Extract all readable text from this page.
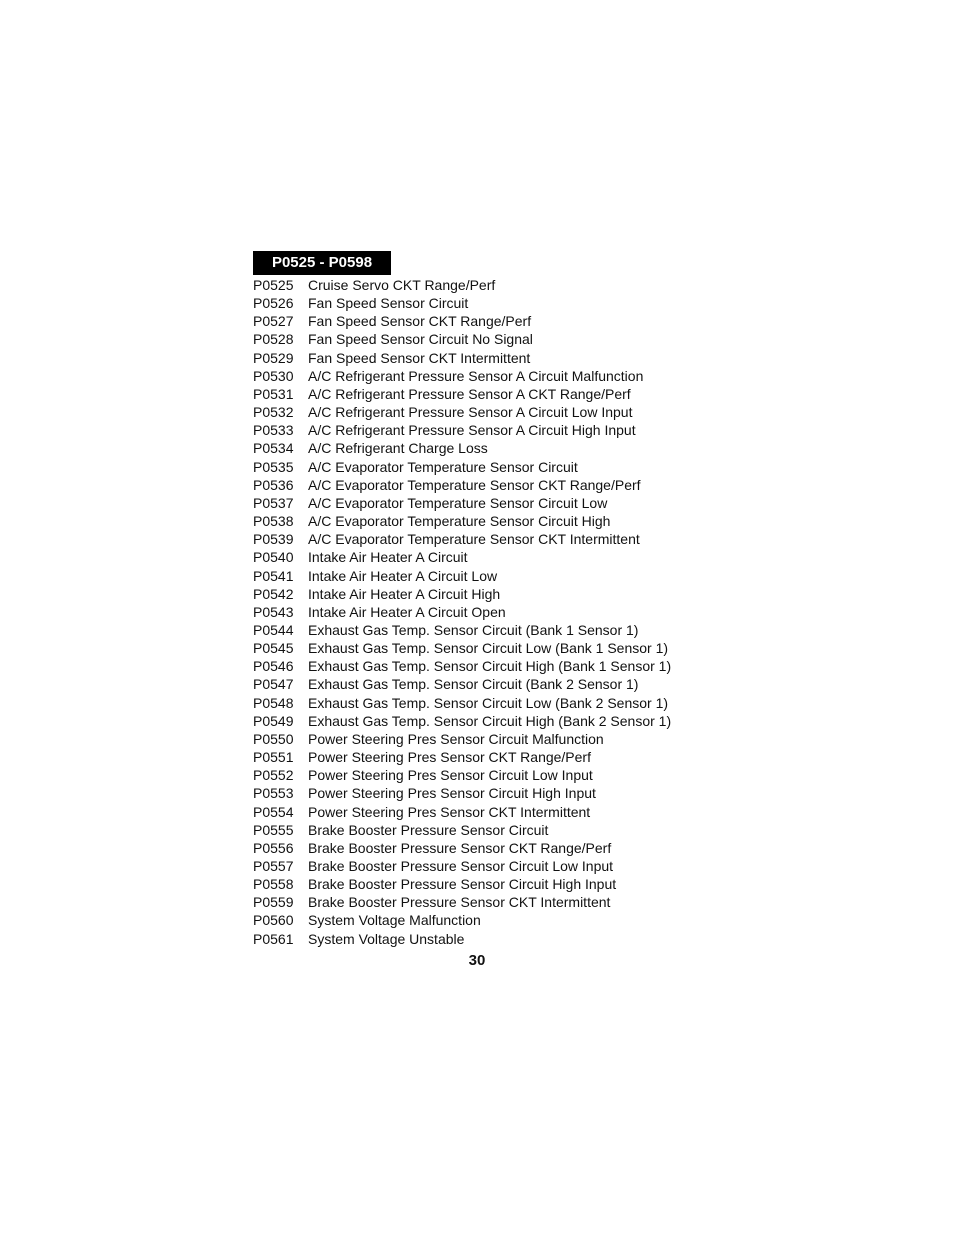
P0525 - P0598
P0525	Cruise Servo CKT Range/Perf
P0526	Fan Speed Sensor Circuit
P0527	Fan Speed Sensor CKT Range/Perf
P0528	Fan Speed Sensor Circuit No Signal
P0529	Fan Speed Sensor CKT Intermittent
P0530	A/C Refrigerant Pressure Sensor A Circuit Malfunction
P0531	A/C Refrigerant Pressure Sensor A CKT Range/Perf
P0532	A/C Refrigerant Pressure Sensor A Circuit Low Input
P0533	A/C Refrigerant Pressure Sensor A Circuit High Input
P0534	A/C Refrigerant Charge Loss
P0535	A/C Evaporator Temperature Sensor Circuit
P0536	A/C Evaporator Temperature Sensor CKT Range/Perf
P0537	A/C Evaporator Temperature Sensor Circuit Low
P0538	A/C Evaporator Temperature Sensor Circuit High
P0539	A/C Evaporator Temperature Sensor CKT Intermittent
P0540	Intake Air Heater A Circuit
P0541	Intake Air Heater A Circuit Low
P0542	Intake Air Heater A Circuit High
P0543	Intake Air Heater A Circuit Open
P0544	Exhaust Gas Temp. Sensor Circuit (Bank 1 Sensor 1)
P0545	Exhaust Gas Temp. Sensor Circuit Low (Bank 1 Sensor 1)
P0546	Exhaust Gas Temp. Sensor Circuit High (Bank 1 Sensor 1)
P0547	Exhaust Gas Temp. Sensor Circuit (Bank 2 Sensor 1)
P0548	Exhaust Gas Temp. Sensor Circuit Low (Bank 2 Sensor 1)
P0549	Exhaust Gas Temp. Sensor Circuit High (Bank 2 Sensor 1)
P0550	Power Steering Pres Sensor Circuit Malfunction
P0551	Power Steering Pres Sensor CKT Range/Perf
P0552	Power Steering Pres Sensor Circuit Low Input
P0553	Power Steering Pres Sensor Circuit High Input
P0554	Power Steering Pres Sensor CKT Intermittent
P0555	Brake Booster Pressure Sensor Circuit
P0556	Brake Booster Pressure Sensor CKT Range/Perf
P0557	Brake Booster Pressure Sensor Circuit Low Input
P0558	Brake Booster Pressure Sensor Circuit High Input
P0559	Brake Booster Pressure Sensor CKT Intermittent
P0560	System Voltage Malfunction
P0561	System Voltage Unstable
30
